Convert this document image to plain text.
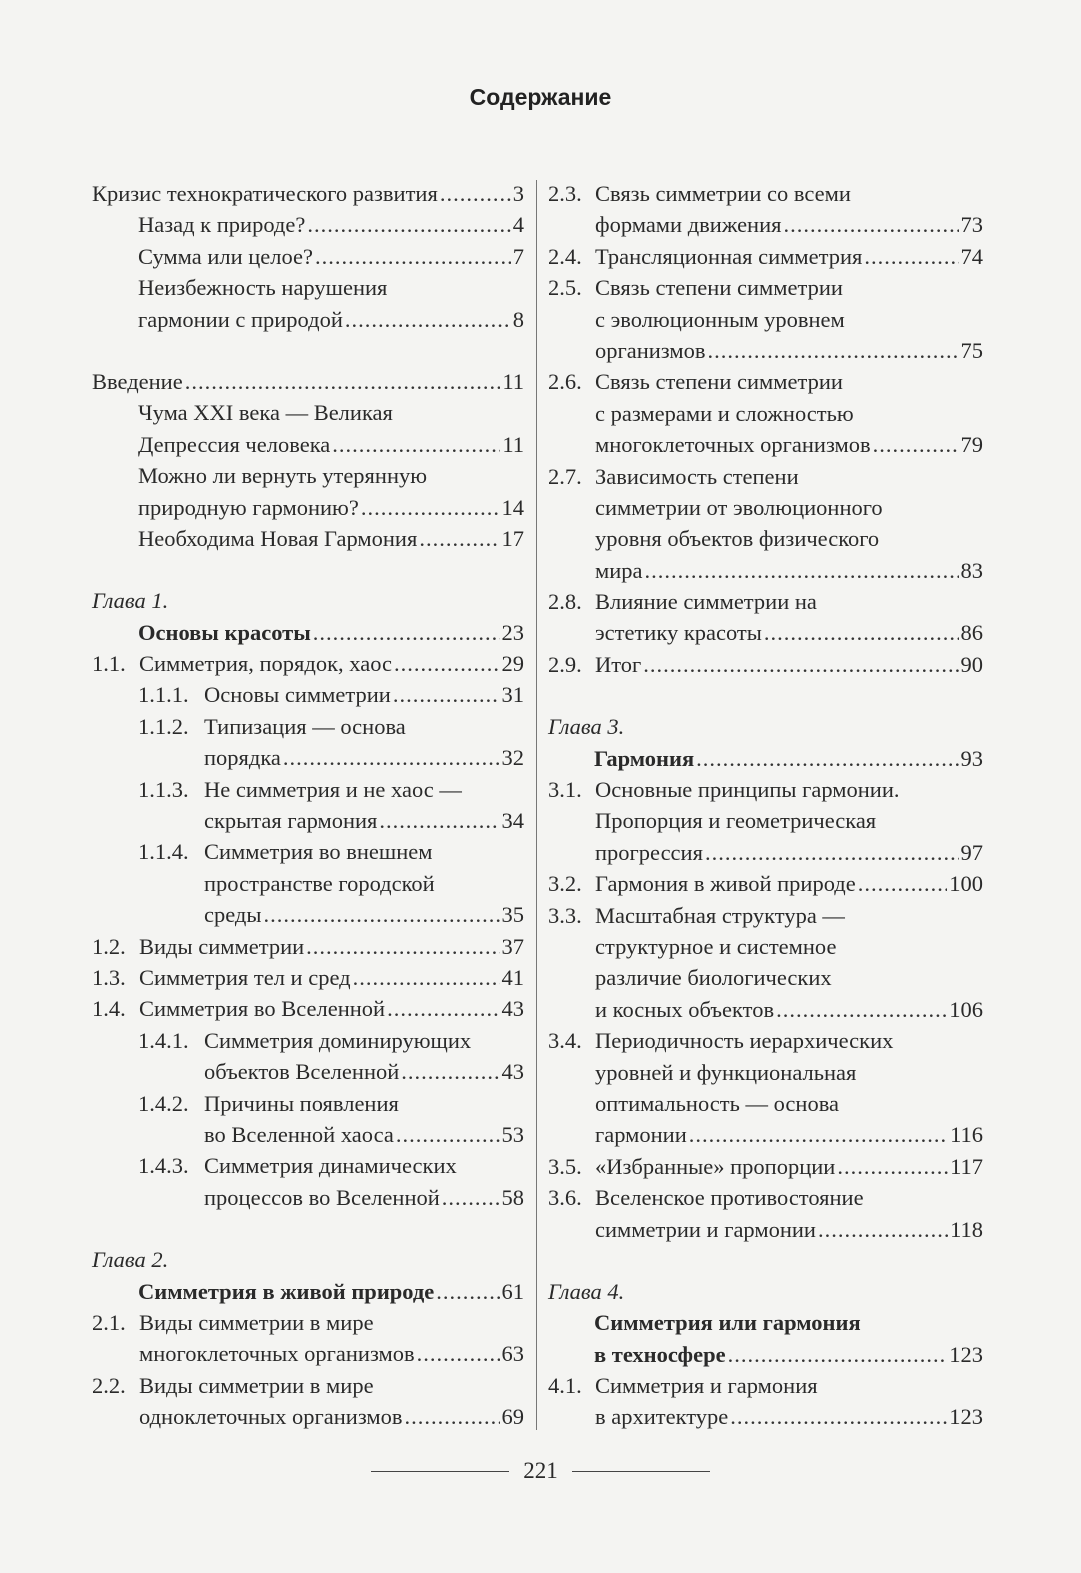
Содержание
Кризис технократического развития .....	3
Назад к природе? .....	4
Сумма или целое? .....	7
Неизбежность нарушения
гармонии с природой .....	8
Введение .....	11
Чума XXI века — Великая
Депрессия человека .....	11
Можно ли вернуть утерянную
природную гармонию? .....	14
Необходима Новая Гармония .....	17
Глава 1.
Основы красоты .....	23
1.1. Симметрия, порядок, хаос .....	29
1.1.1. Основы симметрии .....	31
1.1.2. Типизация — основа
порядка .....	32
1.1.3. Не симметрия и не хаос —
скрытая гармония .....	34
1.1.4. Симметрия во внешнем
пространстве городской
среды .....	35
1.2. Виды симметрии .....	37
1.3. Симметрия тел и сред .....	41
1.4. Симметрия во Вселенной .....	43
1.4.1. Симметрия доминирующих
объектов Вселенной .....	43
1.4.2. Причины появления
во Вселенной хаоса .....	53
1.4.3. Симметрия динамических
процессов во Вселенной .....	58
Глава 2.
Симметрия в живой природе .....	61
2.1. Виды симметрии в мире
многоклеточных организмов .....	63
2.2. Виды симметрии в мире
одноклеточных организмов .....	69
2.3. Связь симметрии со всеми
формами движения .....	73
2.4. Трансляционная симметрия .....	74
2.5. Связь степени симметрии
с эволюционным уровнем
организмов .....	75
2.6. Связь степени симметрии
с размерами и сложностью
многоклеточных организмов .....	79
2.7. Зависимость степени
симметрии от эволюционного
уровня объектов физического
мира .....	83
2.8. Влияние симметрии на
эстетику красоты .....	86
2.9. Итог .....	90
Глава 3.
Гармония .....	93
3.1. Основные принципы гармонии.
Пропорция и геометрическая
прогрессия .....	97
3.2. Гармония в живой природе .....	100
3.3. Масштабная структура —
структурное и системное
различие биологических
и косных объектов .....	106
3.4. Периодичность иерархических
уровней и функциональная
оптимальность — основа
гармонии .....	116
3.5. «Избранные» пропорции .....	117
3.6. Вселенское противостояние
симметрии и гармонии .....	118
Глава 4.
Симметрия или гармония
в техносфере .....	123
4.1. Симметрия и гармония
в архитектуре .....	123
221
